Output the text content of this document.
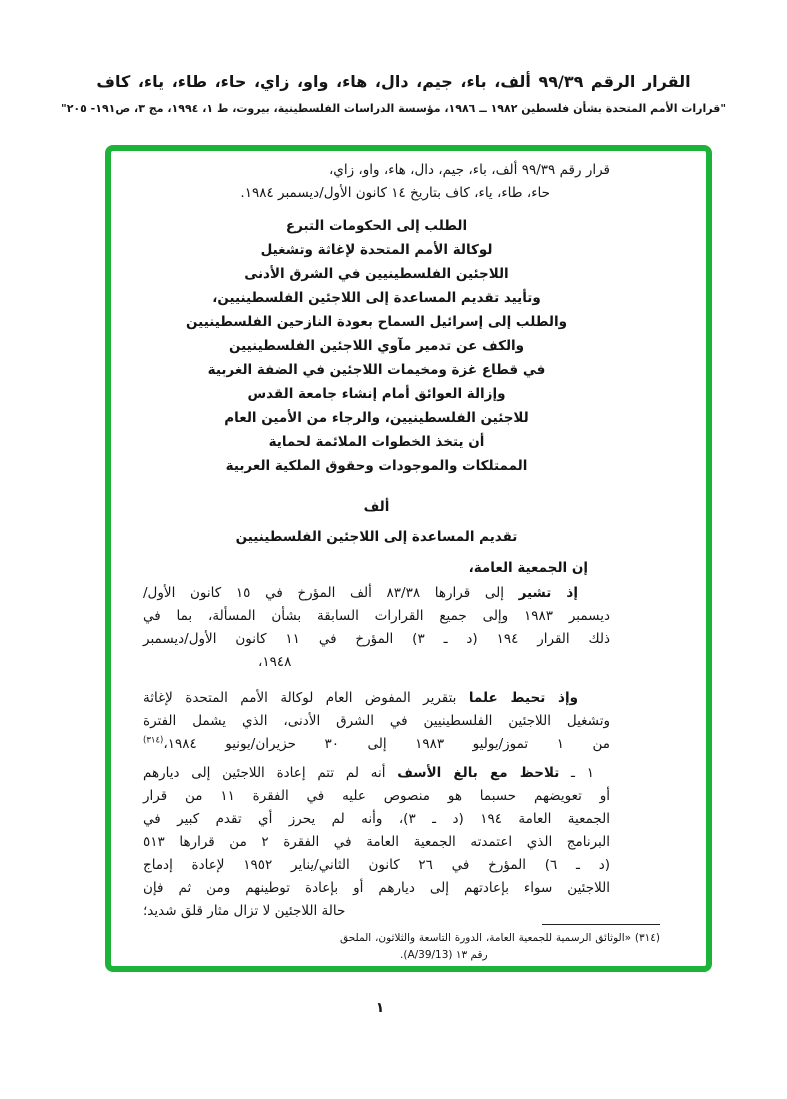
القرار الرقم ٩٩/٣٩ ألف، باء، جيم، دال، هاء، واو، زاي، حاء، طاء، ياء، كاف
"قرارات الأمم المتحدة بشأن فلسطين ١٩٨٢ ــ ١٩٨٦، مؤسسة الدراسات الفلسطينية، بيروت، ط ١، ١٩٩٤، مج ٣، ص١٩١- ٢٠٥"
قرار رقم ٩٩/٣٩ ألف، باء، جيم، دال، هاء، واو، زاي،
حاء، طاء، ياء، كاف بتاريخ ١٤ كانون الأول/ديسمبر ١٩٨٤.
الطلب إلى الحكومات التبرع
لوكالة الأمم المتحدة لإغاثة وتشغيل
اللاجئين الفلسطينيين في الشرق الأدنى
وتأييد تقديم المساعدة إلى اللاجئين الفلسطينيين،
والطلب إلى إسرائيل السماح بعودة النازحين الفلسطينيين
والكف عن تدمير مآوي اللاجئين الفلسطينيين
في قطاع غزة ومخيمات اللاجئين في الضفة الغربية
وإزالة العوائق أمام إنشاء جامعة القدس
للاجئين الفلسطينيين، والرجاء من الأمين العام
أن يتخذ الخطوات الملائمة لحماية
الممتلكات والموجودات وحقوق الملكية العربية
ألف
تقديم المساعدة إلى اللاجئين الفلسطينيين
إن الجمعية العامة،
إذ تشير إلى قرارها ٨٣/٣٨ ألف المؤرخ في ١٥ كانون الأول/
ديسمبر ١٩٨٣ وإلى جميع القرارات السابقة بشأن المسألة، بما في
ذلك القرار ١٩٤ (د ـ ٣) المؤرخ في ١١ كانون الأول/ديسمبر
١٩٤٨،
وإذ تحيط علما بتقرير المفوض العام لوكالة الأمم المتحدة لإغاثة
وتشغيل اللاجئين الفلسطينيين في الشرق الأدنى، الذي يشمل الفترة
من ١ تموز/يوليو ١٩٨٣ إلى ٣٠ حزيران/يونيو ١٩٨٤،$^{(٣١٤)}$
١ ـ تلاحظ مع بالغ الأسف أنه لم تتم إعادة اللاجئين إلى ديارهم
أو تعويضهم حسبما هو منصوص عليه في الفقرة ١١ من قرار
الجمعية العامة ١٩٤ (د ـ ٣)، وأنه لم يحرز أي تقدم كبير في
البرنامج الذي اعتمدته الجمعية العامة في الفقرة ٢ من قرارها ٥١٣
(د ـ ٦) المؤرخ في ٢٦ كانون الثاني/يناير ١٩٥٢ لإعادة إدماج
اللاجئين سواء بإعادتهم إلى ديارهم أو بإعادة توطينهم ومن ثم فإن
حالة اللاجئين لا تزال مثار قلق شديد؛
(٣١٤) «الوثائق الرسمية للجمعية العامة، الدورة التاسعة والثلاثون، الملحق
رقم ١٣ (A/39/13).
١
